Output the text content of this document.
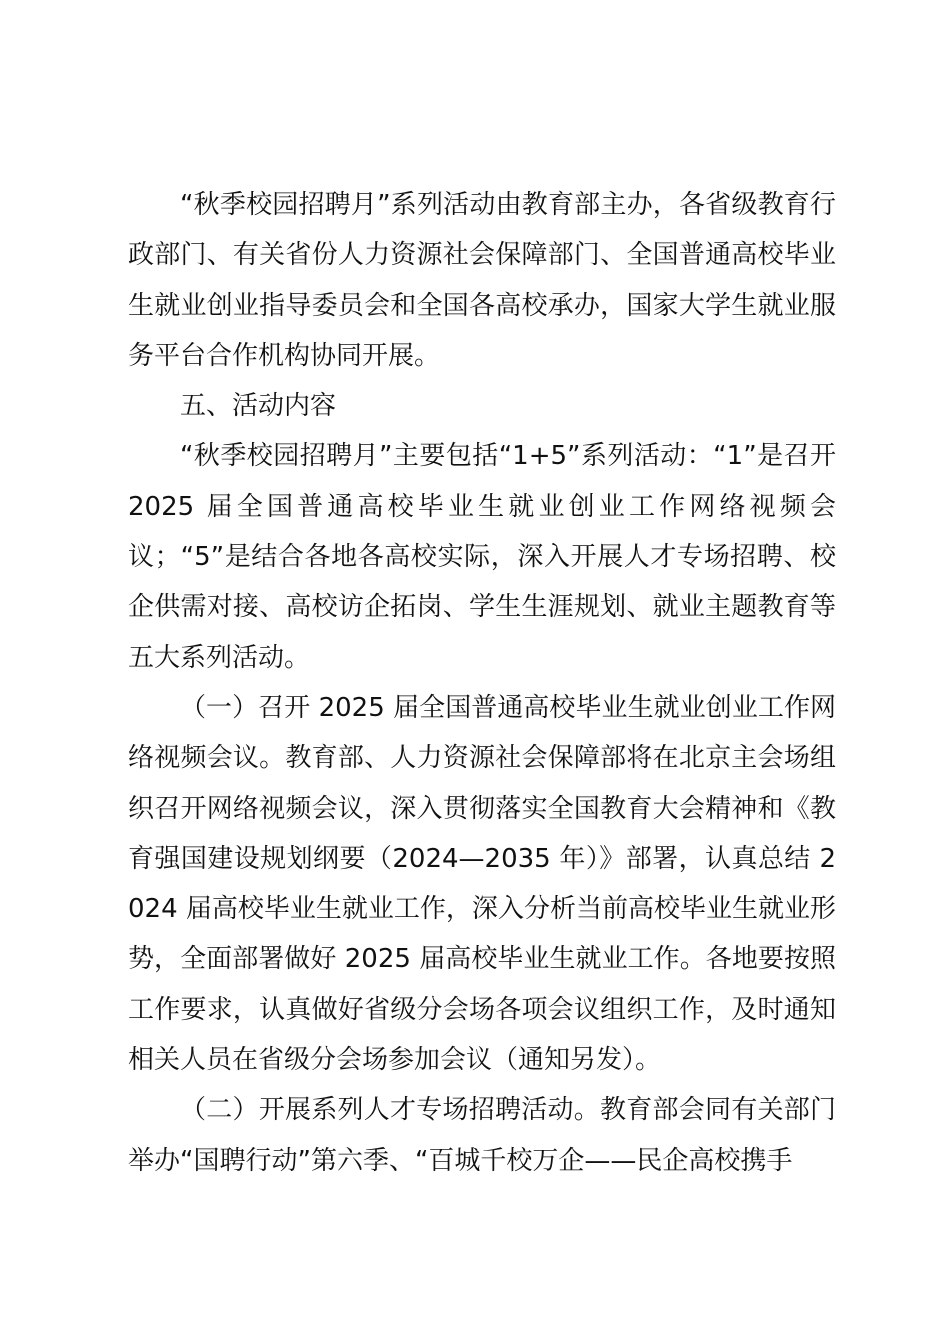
“秋季校园招聘月”系列活动由教育部主办，各省级教育行政部门、有关省份人力资源社会保障部门、全国普通高校毕业生就业创业指导委员会和全国各高校承办，国家大学生就业服务平台合作机构协同开展。

五、活动内容

“秋季校园招聘月”主要包括“1+5”系列活动：“1”是召开 2025 届全国普通高校毕业生就业创业工作网络视频会议；“5”是结合各地各高校实际，深入开展人才专场招聘、校企供需对接、高校访企拓岗、学生生涯规划、就业主题教育等五大系列活动。

（一）召开 2025 届全国普通高校毕业生就业创业工作网络视频会议。教育部、人力资源社会保障部将在北京主会场组织召开网络视频会议，深入贯彻落实全国教育大会精神和《教育强国建设规划纲要（2024—2035 年）》部署，认真总结 2024 届高校毕业生就业工作，深入分析当前高校毕业生就业形势，全面部署做好 2025 届高校毕业生就业工作。各地要按照工作要求，认真做好省级分会场各项会议组织工作，及时通知相关人员在省级分会场参加会议（通知另发）。

（二）开展系列人才专场招聘活动。教育部会同有关部门举办“国聘行动”第六季、“百城千校万企——民企高校携手
